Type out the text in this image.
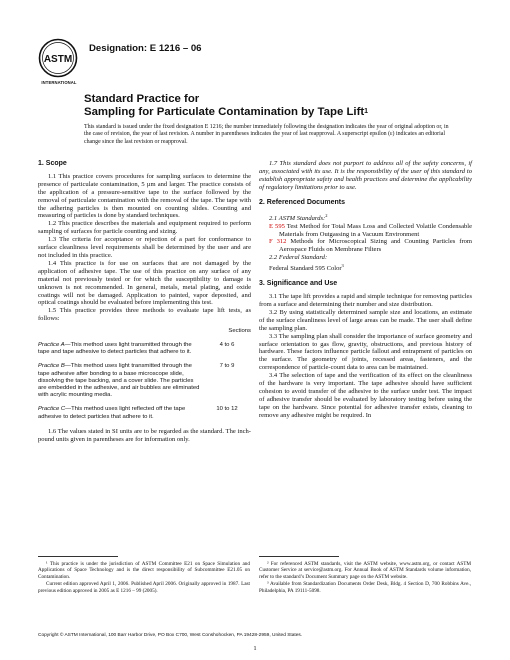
ASTM
INTERNATIONAL
Designation: E 1216 – 06
Standard Practice for
Sampling for Particulate Contamination by Tape Lift$^1$
This standard is issued under the fixed designation E 1216; the number immediately following the designation indicates the year of original adoption or, in the case of revision, the year of last revision. A number in parentheses indicates the year of last reapproval. A superscript epsilon (ε) indicates an editorial change since the last revision or reapproval.
1. Scope

1.1 This practice covers procedures for sampling surfaces to determine the presence of particulate contamination, 5 µm and larger. The practice consists of the application of a pressure-sensitive tape to the surface followed by the removal of particulate contamination with the removal of the tape. The tape with the adhering particles is then mounted on counting slides. Counting and measuring of particles is done by standard techniques.

1.2 This practice describes the materials and equipment required to perform sampling of surfaces for particle counting and sizing.

1.3 The criteria for acceptance or rejection of a part for conformance to surface cleanliness level requirements shall be determined by the user and are not included in this practice.

1.4 This practice is for use on surfaces that are not damaged by the application of adhesive tape. The use of this practice on any surface of any material not previously tested or for which the susceptibility to damage is unknown is not recommended. In general, metals, metal plating, and oxide coatings will not be damaged. Application to painted, vapor deposited, and optical coatings should be evaluated before implementing this test.

1.5 This practice provides three methods to evaluate tape lift tests, as follows:

Sections
Practice A—This method uses light transmitted through the tape and tape adhesive to detect particles that adhere to it.
4 to 6
Practice B—This method uses light transmitted through the tape adhesive after bonding to a base microscope slide, dissolving the tape backing, and a cover slide. The particles are embedded in the adhesive, and air bubbles are eliminated with acrylic mounting media.
7 to 9
Practice C—This method uses light reflected off the tape adhesive to detect particles that adhere to it.
10 to 12

1.6 The values stated in SI units are to be regarded as the standard. The inch-pound units given in parentheses are for information only.

1.7 This standard does not purport to address all of the safety concerns, if any, associated with its use. It is the responsibility of the user of this standard to establish appropriate safety and health practices and determine the applicability of regulatory limitations prior to use.

2. Referenced Documents

2.1 ASTM Standards:$^2$

E 595 Test Method for Total Mass Loss and Collected Volatile Condensable Materials from Outgassing in a Vacuum Environment

F 312 Methods for Microscopical Sizing and Counting Particles from Aerospace Fluids on Membrane Filters

2.2 Federal Standard:

Federal Standard 595 Color$^3$

3. Significance and Use

3.1 The tape lift provides a rapid and simple technique for removing particles from a surface and determining their number and size distribution.

3.2 By using statistically determined sample size and locations, an estimate of the surface cleanliness level of large areas can be made. The user shall define the sampling plan.

3.3 The sampling plan shall consider the importance of surface geometry and surface orientation to gas flow, gravity, obstructions, and previous history of hardware. These factors influence particle fallout and entrapment of particles on the surface. The geometry of joints, recessed areas, fasteners, and the correspondence of particle-count data to area can be maintained.

3.4 The selection of tape and the verification of its effect on the cleanliness of the hardware is very important. The tape adhesive should have sufficient cohesion to avoid transfer of the adhesive to the surface under test. The impact of adhesive transfer should be evaluated by laboratory testing before using the tape on the hardware. Since potential for adhesive transfer exists, cleaning to remove any adhesive might be required. In

¹ This practice is under the jurisdiction of ASTM Committee E21 on Space Simulation and Applications of Space Technology and is the direct responsibility of Subcommittee E21.05 on Contamination.

Current edition approved April 1, 2006. Published April 2006. Originally approved in 1987. Last previous edition approved in 2005 as E 1216 – 99 (2005).

² For referenced ASTM standards, visit the ASTM website, www.astm.org, or contact ASTM Customer Service at service@astm.org. For Annual Book of ASTM Standards volume information, refer to the standard’s Document Summary page on the ASTM website.

³ Available from Standardization Documents Order Desk, Bldg. 4 Section D, 700 Robbins Ave., Philadelphia, PA 19111-5098.

Copyright © ASTM International, 100 Barr Harbor Drive, PO Box C700, West Conshohocken, PA 19428-2959, United States.
1
